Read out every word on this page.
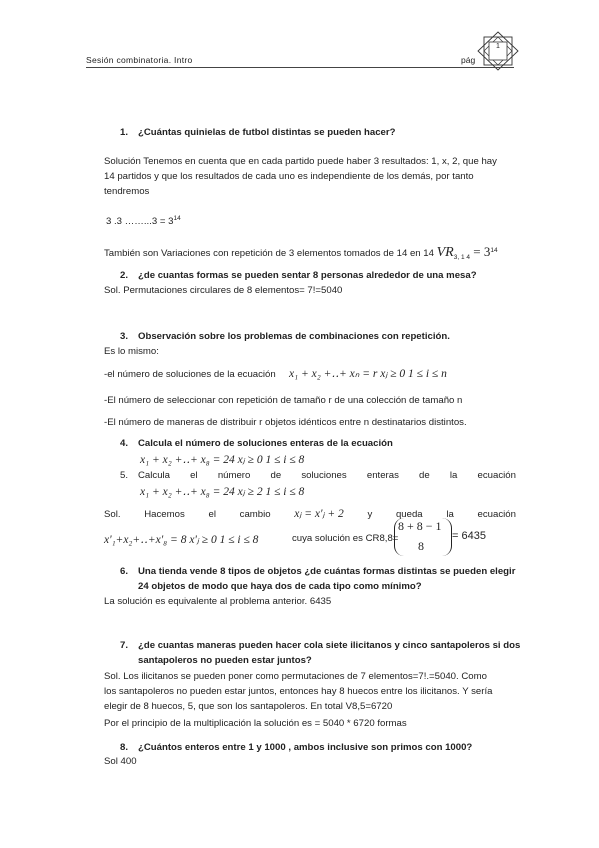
Sesión combinatoria. Intro	pág
1
1. ¿Cuántas quinielas de futbol distintas se pueden hacer?
Solución Tenemos en cuenta que en cada partido puede haber 3 resultados: 1, x, 2, que hay
14 partidos y que los resultados de cada uno es independiente de los demás, por tanto
tendremos
3 .3 ……...3 = $3^{14}$
También son Variaciones con repetición de 3 elementos tomados de 14 en 14 $VR_{3, 1 4} = 3^{14}$
2. ¿de cuantas formas se pueden sentar 8 personas alrededor de una mesa?
Sol. Permutaciones circulares de 8 elementos= 7!=5040
3. Observación sobre los problemas de combinaciones con repetición.
Es lo mismo:
-el número de soluciones de la ecuación x₁ + x₂ +‥+ xₙ = r xⱼ ≥ 0 1 ≤ i ≤ n
-El número de seleccionar con repetición de tamaño r de una colección de tamaño n
-El número de maneras de distribuir r objetos idénticos entre n destinatarios distintos.
4. Calcula el número de soluciones enteras de la ecuación
x₁ + x₂ +‥+ x₈ = 24 xⱼ ≥ 0 1 ≤ i ≤ 8
5. Calcula el número de soluciones enteras de la ecuación
x₁ + x₂ +‥+ x₈ = 24 xⱼ ≥ 2 1 ≤ i ≤ 8
Sol. Hacemos el cambio xⱼ = x'ⱼ + 2 y queda la ecuación
x'₁+x₂+‥+x'₈ = 8 x'ⱼ ≥ 0 1 ≤ i ≤ 8	cuya solución es CR8,8=
8 + 8 − 1
8
= 6435
6. Una tienda vende 8 tipos de objetos ¿de cuántas formas distintas se pueden elegir
24 objetos de modo que haya dos de cada tipo como mínimo?
La solución es equivalente al problema anterior. 6435
7. ¿de cuantas maneras pueden hacer cola siete ilicitanos y cinco santapoleros si dos
santapoleros no pueden estar juntos?
Sol. Los ilicitanos se pueden poner como permutaciones de 7 elementos=7!.=5040. Como
los santapoleros no pueden estar juntos, entonces hay 8 huecos entre los ilicitanos. Y sería
elegir de 8 huecos, 5, que son los santapoleros. En total V8,5=6720
Por el principio de la multiplicación la solución es = 5040 * 6720 formas
8. ¿Cuántos enteros entre 1 y 1000 , ambos inclusive son primos con 1000?
Sol 400
